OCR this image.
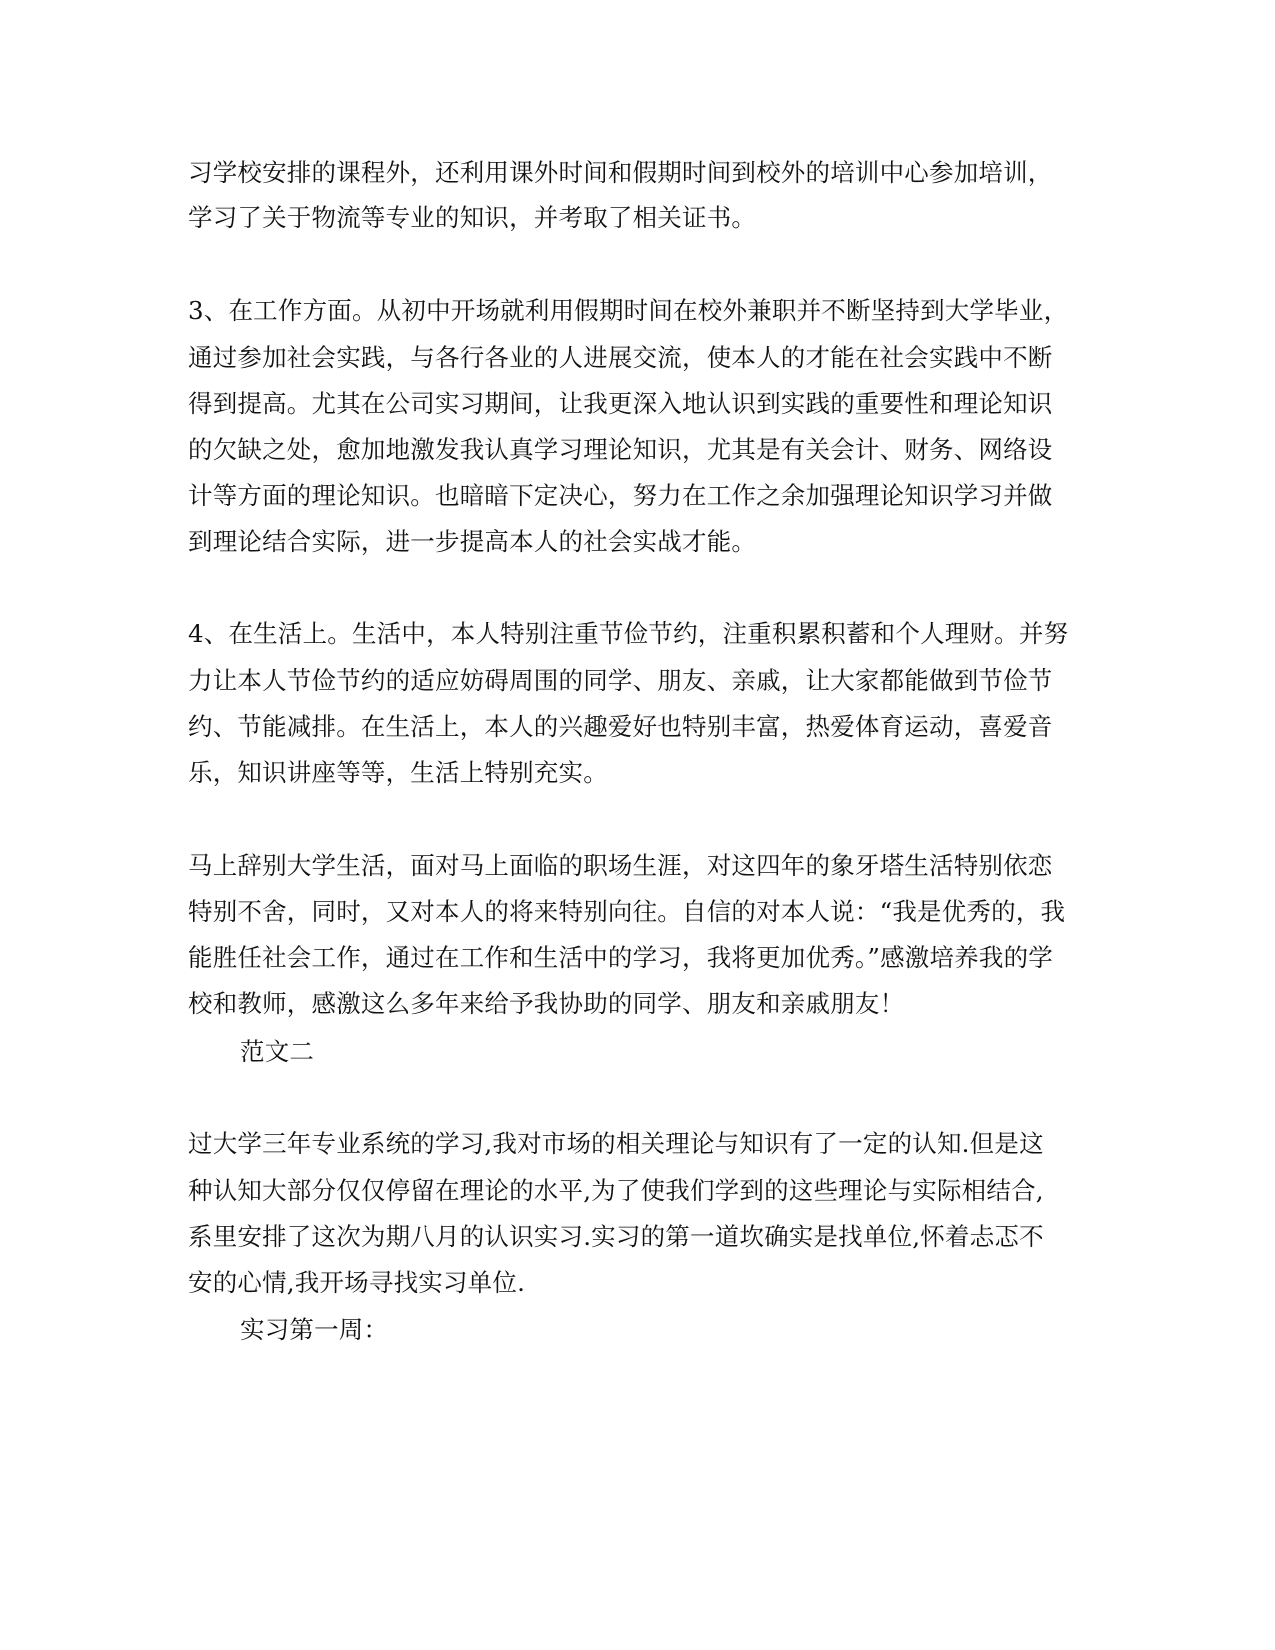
习学校安排的课程外，还利用课外时间和假期时间到校外的培训中心参加培训，
学习了关于物流等专业的知识，并考取了相关证书。
3、在工作方面。从初中开场就利用假期时间在校外兼职并不断坚持到大学毕业，
通过参加社会实践，与各行各业的人进展交流，使本人的才能在社会实践中不断
得到提高。尤其在公司实习期间，让我更深入地认识到实践的重要性和理论知识
的欠缺之处，愈加地激发我认真学习理论知识，尤其是有关会计、财务、网络设
计等方面的理论知识。也暗暗下定决心，努力在工作之余加强理论知识学习并做
到理论结合实际，进一步提高本人的社会实战才能。
4、在生活上。生活中，本人特别注重节俭节约，注重积累积蓄和个人理财。并努
力让本人节俭节约的适应妨碍周围的同学、朋友、亲戚，让大家都能做到节俭节
约、节能减排。在生活上，本人的兴趣爱好也特别丰富，热爱体育运动，喜爱音
乐，知识讲座等等，生活上特别充实。
马上辞别大学生活，面对马上面临的职场生涯，对这四年的象牙塔生活特别依恋
特别不舍，同时，又对本人的将来特别向往。自信的对本人说：“我是优秀的，我
能胜任社会工作，通过在工作和生活中的学习，我将更加优秀。”感激培养我的学
校和教师，感激这么多年来给予我协助的同学、朋友和亲戚朋友！
范文二
过大学三年专业系统的学习,我对市场的相关理论与知识有了一定的认知.但是这
种认知大部分仅仅停留在理论的水平,为了使我们学到的这些理论与实际相结合,
系里安排了这次为期八月的认识实习.实习的第一道坎确实是找单位,怀着忐忑不
安的心情,我开场寻找实习单位.
实习第一周：
